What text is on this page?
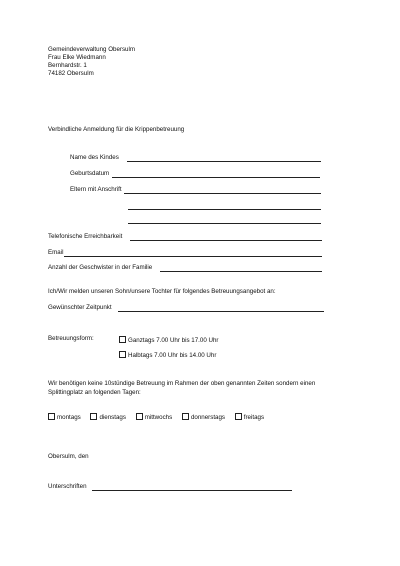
Gemeindeverwaltung Obersulm
Frau Elke Wiedmann
Bernhardstr. 1
74182 Obersulm
Verbindliche Anmeldung für die Krippenbetreuung
Name des Kindes
Geburtsdatum
Eltern mit Anschrift
Telefonische Erreichbarkeit
Email
Anzahl der Geschwister in der Familie
Ich/Wir melden unseren Sohn/unsere Tochter für folgendes Betreuungsangebot an:
Gewünschter Zeitpunkt
Betreuungsform:	Ganztags 7.00 Uhr bis 17.00 Uhr
Halbtags 7.00 Uhr bis 14.00 Uhr
Wir benötigen keine 10stündige Betreuung im Rahmen der oben genannten Zeiten sondern einen
Splittingplatz an folgenden Tagen:
montags	dienstags	mittwochs	donnerstags	freitags
Obersulm, den
Unterschriften
